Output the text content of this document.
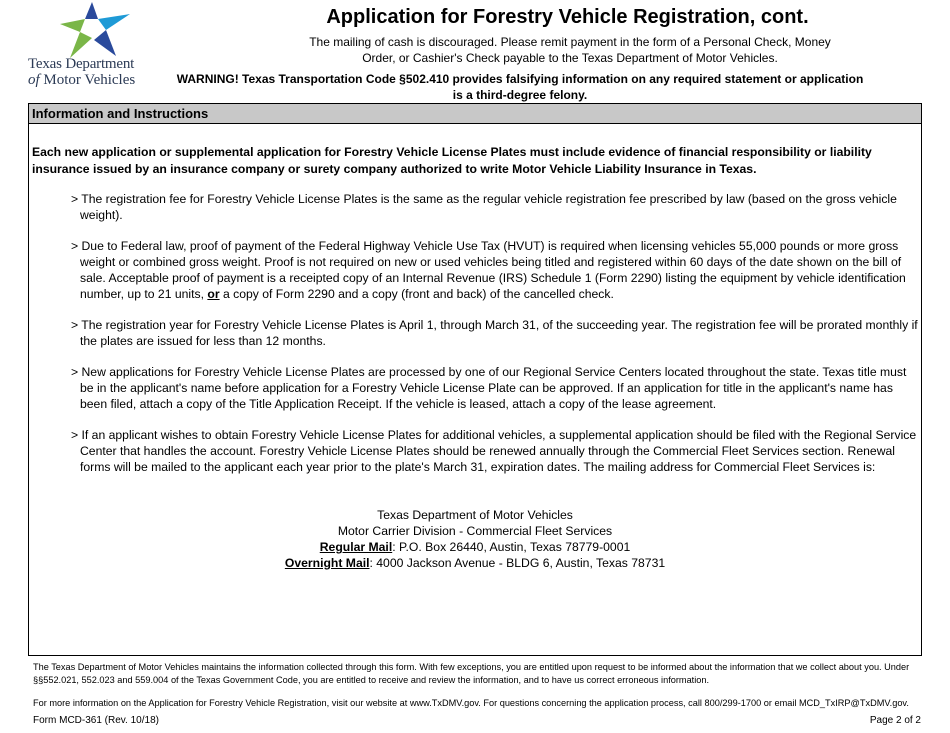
Texas Department
of Motor Vehicles
Application for Forestry Vehicle Registration, cont.
The mailing of cash is discouraged. Please remit payment in the form of a Personal Check, Money
Order, or Cashier's Check payable to the Texas Department of Motor Vehicles.
WARNING! Texas Transportation Code §502.410 provides falsifying information on any required statement or application
is a third-degree felony.
Information and Instructions
Each new application or supplemental application for Forestry Vehicle License Plates must include evidence of financial responsibility or liability insurance issued by an insurance company or surety company authorized to write Motor Vehicle Liability Insurance in Texas.

> The registration fee for Forestry Vehicle License Plates is the same as the regular vehicle registration fee prescribed by law (based on the gross vehicle weight).

> Due to Federal law, proof of payment of the Federal Highway Vehicle Use Tax (HVUT) is required when licensing vehicles 55,000 pounds or more gross weight or combined gross weight. Proof is not required on new or used vehicles being titled and registered within 60 days of the date shown on the bill of sale. Acceptable proof of payment is a receipted copy of an Internal Revenue (IRS) Schedule 1 (Form 2290) listing the equipment by vehicle identification number, up to 21 units, or a copy of Form 2290 and a copy (front and back) of the cancelled check.

> The registration year for Forestry Vehicle License Plates is April 1, through March 31, of the succeeding year. The registration fee will be prorated monthly if the plates are issued for less than 12 months.

> New applications for Forestry Vehicle License Plates are processed by one of our Regional Service Centers located throughout the state. Texas title must be in the applicant's name before application for a Forestry Vehicle License Plate can be approved. If an application for title in the applicant's name has been filed, attach a copy of the Title Application Receipt. If the vehicle is leased, attach a copy of the lease agreement.

> If an applicant wishes to obtain Forestry Vehicle License Plates for additional vehicles, a supplemental application should be filed with the Regional Service Center that handles the account. Forestry Vehicle License Plates should be renewed annually through the Commercial Fleet Services section. Renewal forms will be mailed to the applicant each year prior to the plate's March 31, expiration dates. The mailing address for Commercial Fleet Services is:

Texas Department of Motor Vehicles
Motor Carrier Division - Commercial Fleet Services
Regular Mail: P.O. Box 26440, Austin, Texas 78779-0001
Overnight Mail: 4000 Jackson Avenue - BLDG 6, Austin, Texas 78731
The Texas Department of Motor Vehicles maintains the information collected through this form. With few exceptions, you are entitled upon request to be informed about the information that we collect about you. Under §§552.021, 552.023 and 559.004 of the Texas Government Code, you are entitled to receive and review the information, and to have us correct erroneous information.
For more information on the Application for Forestry Vehicle Registration, visit our website at www.TxDMV.gov. For questions concerning the application process, call 800/299-1700 or email MCD_TxIRP@TxDMV.gov.
Form MCD-361 (Rev. 10/18)	Page 2 of 2
